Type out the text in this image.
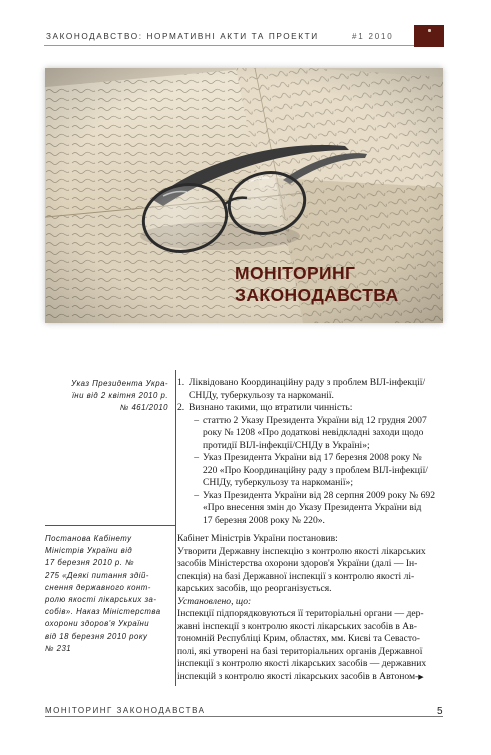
ЗАКОНОДАВСТВО: НОРМАТИВНІ АКТИ ТА ПРОЕКТИ	#1 2010
МОНІТОРИНГ
ЗАКОНОДАВСТВА
Указ Президента Укра-
їни від 2 квітня 2010 р.
№ 461/2010
Постанова Кабінету
Міністрів України від
17 березня 2010 р. №
275 «Деякі питання здій-
снення державного конт-
ролю якості лікарських за-
собів». Наказ Міністерства
охорони здоров'я України
від 18 березня 2010 року
№ 231
1. Ліквідовано Координаційну раду з проблем ВІЛ-інфекції/
СНІДу, туберкульозу та наркоманії.
2. Визнано такими, що втратили чинність:
– статтю 2 Указу Президента України від 12 грудня 2007
року № 1208 «Про додаткові невідкладні заходи щодо
протидії ВІЛ-інфекції/СНІДу в Україні»;
– Указ Президента України від 17 березня 2008 року №
220 «Про Координаційну раду з проблем ВІЛ-інфекції/
СНІДу, туберкульозу та наркоманії»;
– Указ Президента України від 28 серпня 2009 року № 692
«Про внесення змін до Указу Президента України від
17 березня 2008 року № 220».
Кабінет Міністрів України постановив:
Утворити Державну інспекцію з контролю якості лікарських
засобів Міністерства охорони здоров'я України (далі — Ін-
спекція) на базі Державної інспекції з контролю якості лі-
карських засобів, що реорганізується.
Установлено, що:
Інспекції підпорядковуються її територіальні органи — дер-
жавні інспекції з контролю якості лікарських засобів в Ав-
тономній Республіці Крим, областях, мм. Києві та Севасто-
полі, які утворені на базі територіальних органів Державної
інспекції з контролю якості лікарських засобів — державних
інспекцій з контролю якості лікарських засобів в Автоном-▶
МОНІТОРИНГ ЗАКОНОДАВСТВА	5
